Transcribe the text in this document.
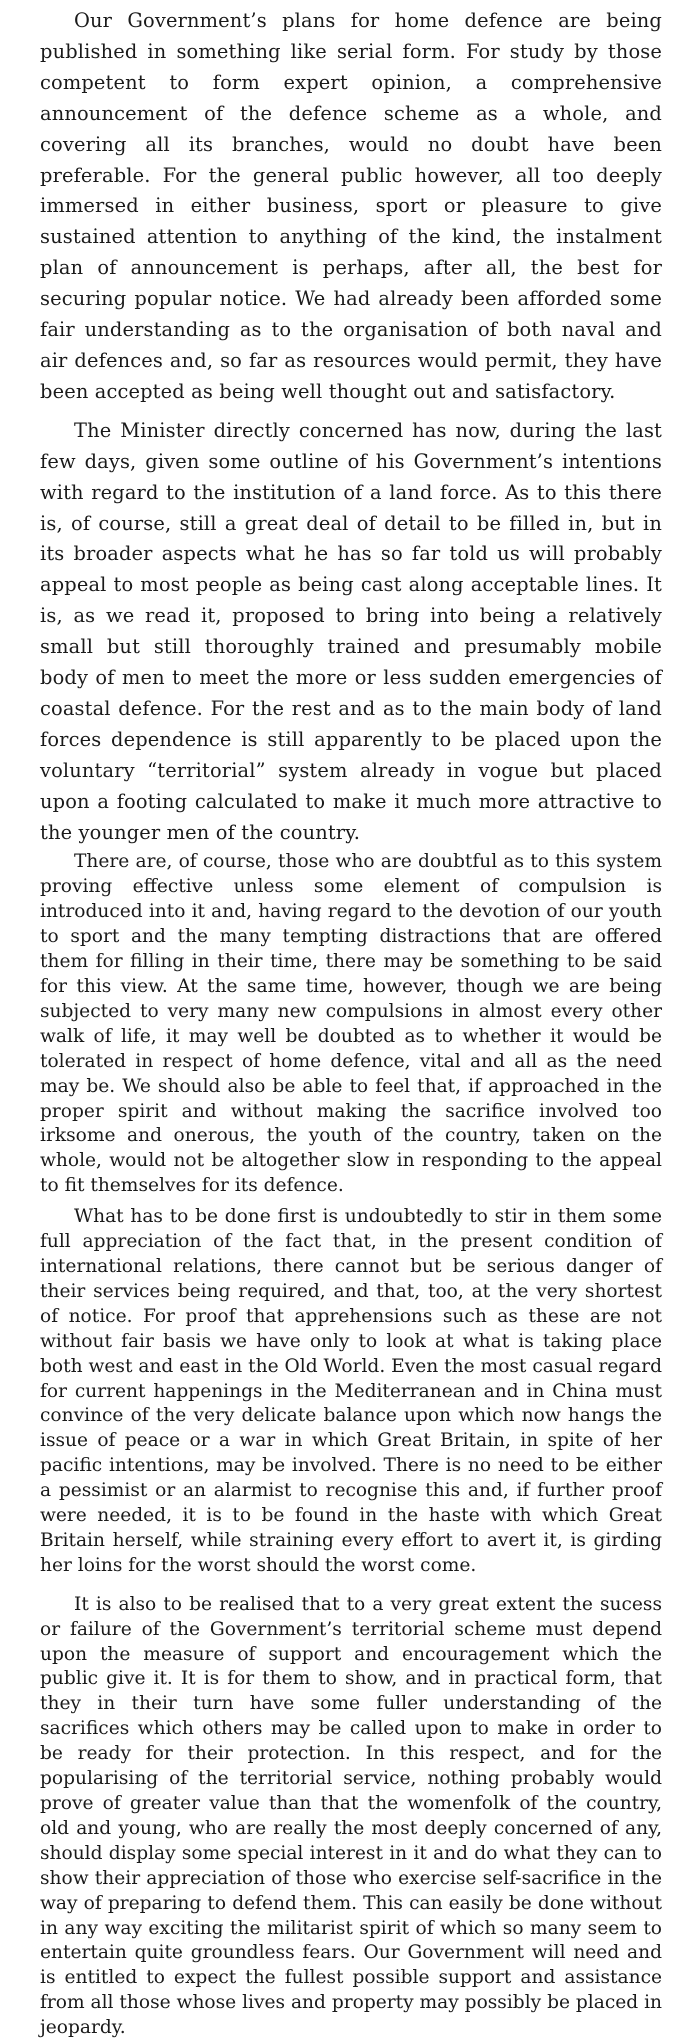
Our Government’s plans for home defence are being published in something like serial form. For study by those competent to form expert opinion, a comprehensive announcement of the defence scheme as a whole, and covering all its branches, would no doubt have been preferable. For the general public however, all too deeply immersed in either business, sport or pleasure to give sustained attention to anything of the kind, the instalment plan of announcement is perhaps, after all, the best for securing popular notice. We had already been afforded some fair understanding as to the organisation of both naval and air defences and, so far as resources would permit, they have been accepted as being well thought out and satisfactory.

The Minister directly concerned has now, during the last few days, given some outline of his Government’s intentions with regard to the institution of a land force. As to this there is, of course, still a great deal of detail to be filled in, but in its broader aspects what he has so far told us will probably appeal to most people as being cast along acceptable lines. It is, as we read it, proposed to bring into being a relatively small but still thoroughly trained and presumably mobile body of men to meet the more or less sudden emergencies of coastal defence. For the rest and as to the main body of land forces dependence is still apparently to be placed upon the voluntary “territorial” system already in vogue but placed upon a footing calculated to make it much more attractive to the younger men of the country.

There are, of course, those who are doubtful as to this system proving effective unless some element of compulsion is introduced into it and, having regard to the devotion of our youth to sport and the many tempting distractions that are offered them for filling in their time, there may be something to be said for this view. At the same time, however, though we are being subjected to very many new compulsions in almost every other walk of life, it may well be doubted as to whether it would be tolerated in respect of home defence, vital and all as the need may be. We should also be able to feel that, if approached in the proper spirit and without making the sacrifice involved too irksome and onerous, the youth of the country, taken on the whole, would not be altogether slow in responding to the appeal to fit themselves for its defence.

What has to be done first is undoubtedly to stir in them some full appreciation of the fact that, in the present condition of international relations, there cannot but be serious danger of their services being required, and that, too, at the very shortest of notice. For proof that apprehensions such as these are not without fair basis we have only to look at what is taking place both west and east in the Old World. Even the most casual regard for current happenings in the Mediterranean and in China must convince of the very delicate balance upon which now hangs the issue of peace or a war in which Great Britain, in spite of her pacific intentions, may be involved. There is no need to be either a pessimist or an alarmist to recognise this and, if further proof were needed, it is to be found in the haste with which Great Britain herself, while straining every effort to avert it, is girding her loins for the worst should the worst come.

It is also to be realised that to a very great extent the sucess or failure of the Government’s territorial scheme must depend upon the measure of support and encouragement which the public give it. It is for them to show, and in practical form, that they in their turn have some fuller understanding of the sacrifices which others may be called upon to make in order to be ready for their protection. In this respect, and for the popularising of the territorial service, nothing probably would prove of greater value than that the womenfolk of the country, old and young, who are really the most deeply concerned of any, should display some special interest in it and do what they can to show their appreciation of those who exercise self-sacrifice in the way of preparing to defend them. This can easily be done without in any way exciting the militarist spirit of which so many seem to entertain quite groundless fears. Our Government will need and is entitled to expect the fullest possible support and assistance from all those whose lives and property may possibly be placed in jeopardy.
